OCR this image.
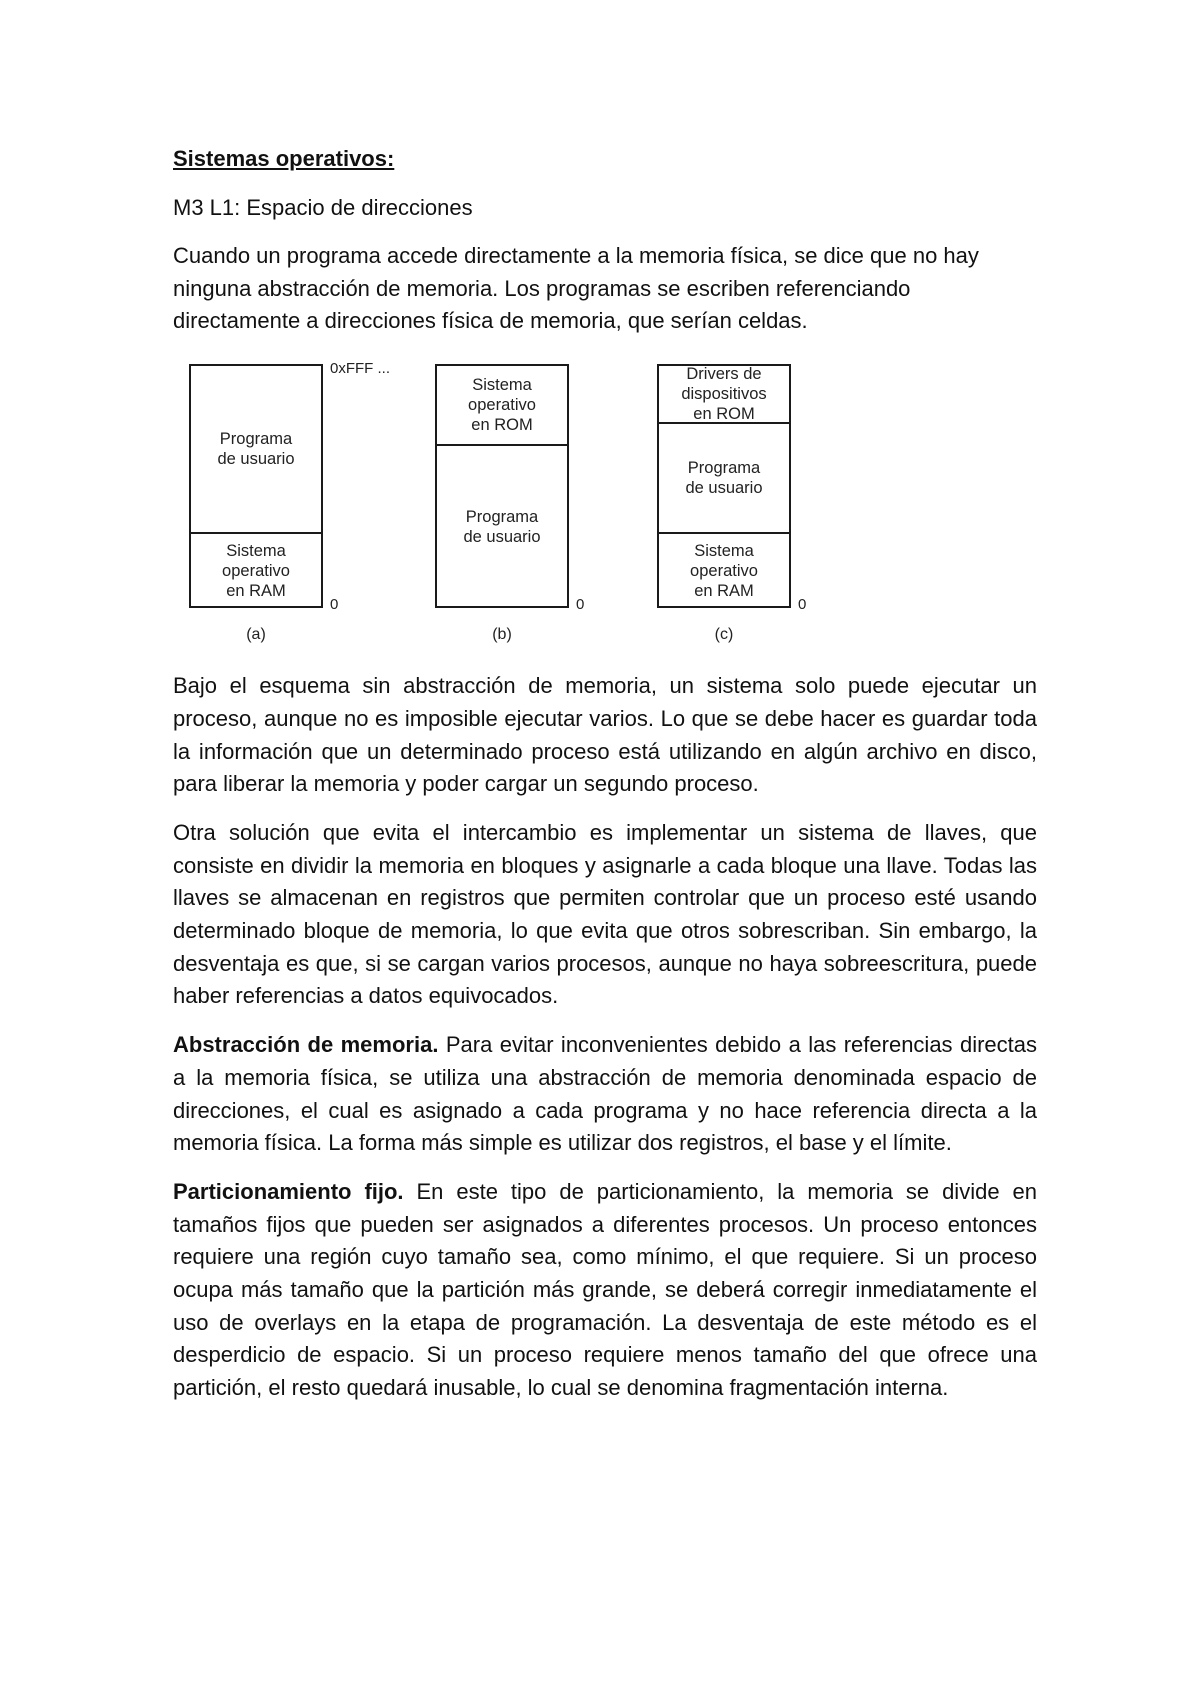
Sistemas operativos:
M3 L1: Espacio de direcciones

Cuando un programa accede directamente a la memoria física, se dice que no hay ninguna abstracción de memoria. Los programas se escriben referenciando directamente a direcciones física de memoria, que serían celdas.

Programa
de usuario
Sistema
operativo
en RAM
0xFFF ...
0
(a)
Sistema
operativo
en ROM
Programa
de usuario
0
(b)
Drivers de
dispositivos
en ROM
Programa
de usuario
Sistema
operativo
en RAM
0
(c)

Bajo el esquema sin abstracción de memoria, un sistema solo puede ejecutar un proceso, aunque no es imposible ejecutar varios. Lo que se debe hacer es guardar toda la información que un determinado proceso está utilizando en algún archivo en disco, para liberar la memoria y poder cargar un segundo proceso.

Otra solución que evita el intercambio es implementar un sistema de llaves, que consiste en dividir la memoria en bloques y asignarle a cada bloque una llave. Todas las llaves se almacenan en registros que permiten controlar que un proceso esté usando determinado bloque de memoria, lo que evita que otros sobrescriban. Sin embargo, la desventaja es que, si se cargan varios procesos, aunque no haya sobreescritura, puede haber referencias a datos equivocados.

Abstracción de memoria. Para evitar inconvenientes debido a las referencias directas a la memoria física, se utiliza una abstracción de memoria denominada espacio de direcciones, el cual es asignado a cada programa y no hace referencia directa a la memoria física. La forma más simple es utilizar dos registros, el base y el límite.

Particionamiento fijo. En este tipo de particionamiento, la memoria se divide en tamaños fijos que pueden ser asignados a diferentes procesos. Un proceso entonces requiere una región cuyo tamaño sea, como mínimo, el que requiere. Si un proceso ocupa más tamaño que la partición más grande, se deberá corregir inmediatamente el uso de overlays en la etapa de programación. La desventaja de este método es el desperdicio de espacio. Si un proceso requiere menos tamaño del que ofrece una partición, el resto quedará inusable, lo cual se denomina fragmentación interna.
